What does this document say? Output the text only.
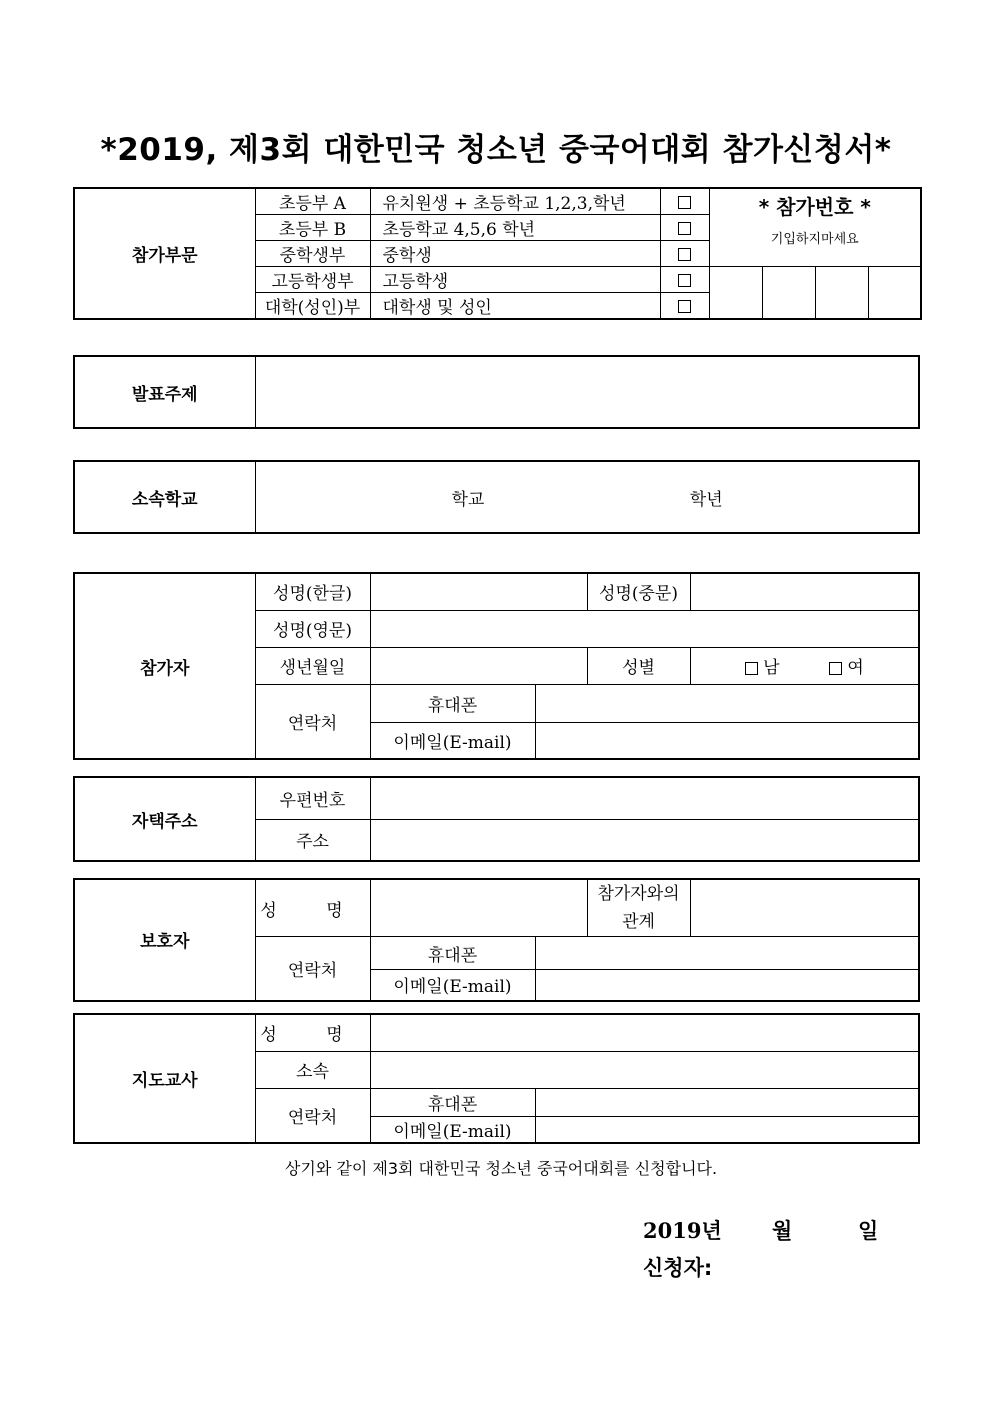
*2019, 제3회 대한민국 청소년 중국어대회 참가신청서*
참가부문	초등부 A	유치원생 + 초등학교 1,2,3,학년		* 참가번호 *
기입하지마세요			

	초등부 B	초등학교 4,5,6 학년					
	중학생부	중학생					
	고등학생부	고등학생					
	대학(성인)부	대학생 및 성인					
발표주제	
소속학교	학교	학년
참가자	성명(한글)			성명(중문)	
	성명(영문)				
	생년월일			성별	남 여
	연락처	휴대폰			
		이메일(E-mail)			
자택주소	우편번호	
	주소	
보호자	성 명			참가자와의
관계	
	연락처	휴대폰			
		이메일(E-mail)			
지도교사	성 명		
	소속		
	연락처	휴대폰	
		이메일(E-mail)	
상기와 같이 제3회 대한민국 청소년 중국어대회를 신청합니다.
2019년 월	일
신청자:
